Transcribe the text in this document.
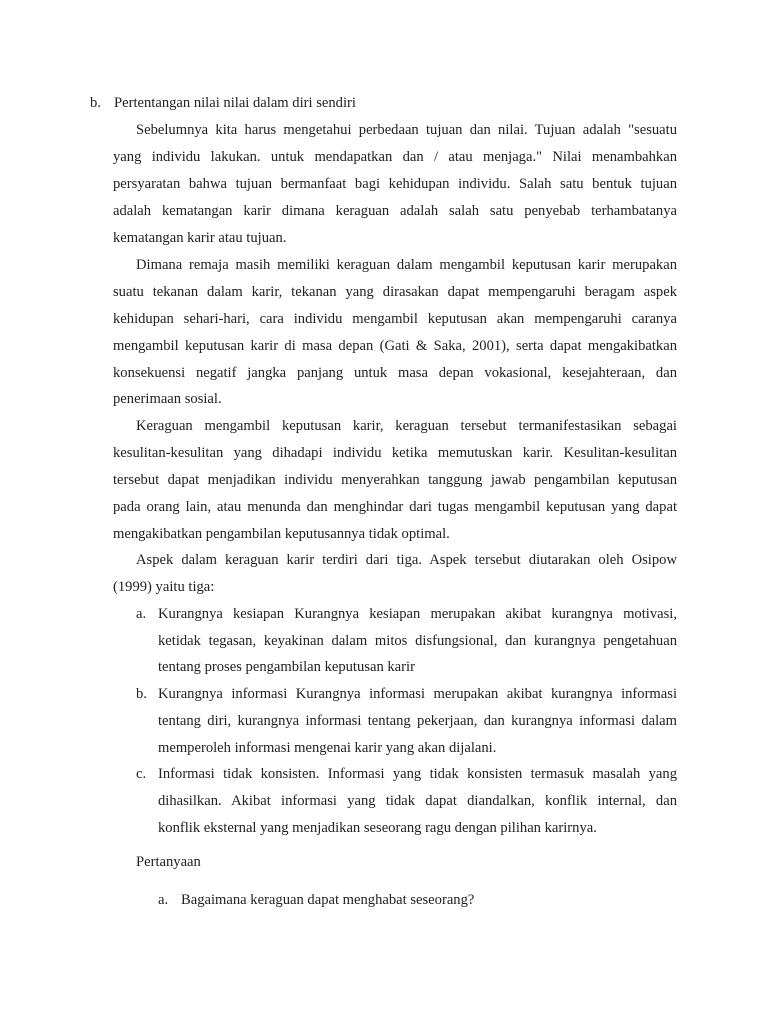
b. Pertentangan nilai nilai dalam diri sendiri
Sebelumnya kita harus mengetahui perbedaan tujuan dan nilai. Tujuan adalah "sesuatu
yang individu lakukan. untuk mendapatkan dan / atau menjaga." Nilai menambahkan
persyaratan bahwa tujuan bermanfaat bagi kehidupan individu. Salah satu bentuk tujuan
adalah kematangan karir dimana keraguan adalah salah satu penyebab terhambatanya
kematangan karir atau tujuan.
Dimana remaja masih memiliki keraguan dalam mengambil keputusan karir merupakan
suatu tekanan dalam karir, tekanan yang dirasakan dapat mempengaruhi beragam aspek
kehidupan sehari-hari, cara individu mengambil keputusan akan mempengaruhi caranya
mengambil keputusan karir di masa depan (Gati & Saka, 2001), serta dapat mengakibatkan
konsekuensi negatif jangka panjang untuk masa depan vokasional, kesejahteraan, dan
penerimaan sosial.
Keraguan mengambil keputusan karir, keraguan tersebut termanifestasikan sebagai
kesulitan-kesulitan yang dihadapi individu ketika memutuskan karir. Kesulitan-kesulitan
tersebut dapat menjadikan individu menyerahkan tanggung jawab pengambilan keputusan
pada orang lain, atau menunda dan menghindar dari tugas mengambil keputusan yang dapat
mengakibatkan pengambilan keputusannya tidak optimal.
Aspek dalam keraguan karir terdiri dari tiga. Aspek tersebut diutarakan oleh Osipow
(1999) yaitu tiga:
a. Kurangnya kesiapan Kurangnya kesiapan merupakan akibat kurangnya motivasi,
ketidak tegasan, keyakinan dalam mitos disfungsional, dan kurangnya pengetahuan
tentang proses pengambilan keputusan karir
b. Kurangnya informasi Kurangnya informasi merupakan akibat kurangnya informasi
tentang diri, kurangnya informasi tentang pekerjaan, dan kurangnya informasi dalam
memperoleh informasi mengenai karir yang akan dijalani.
c. Informasi tidak konsisten. Informasi yang tidak konsisten termasuk masalah yang
dihasilkan. Akibat informasi yang tidak dapat diandalkan, konflik internal, dan
konflik eksternal yang menjadikan seseorang ragu dengan pilihan karirnya.
Pertanyaan
a. Bagaimana keraguan dapat menghabat seseorang?
